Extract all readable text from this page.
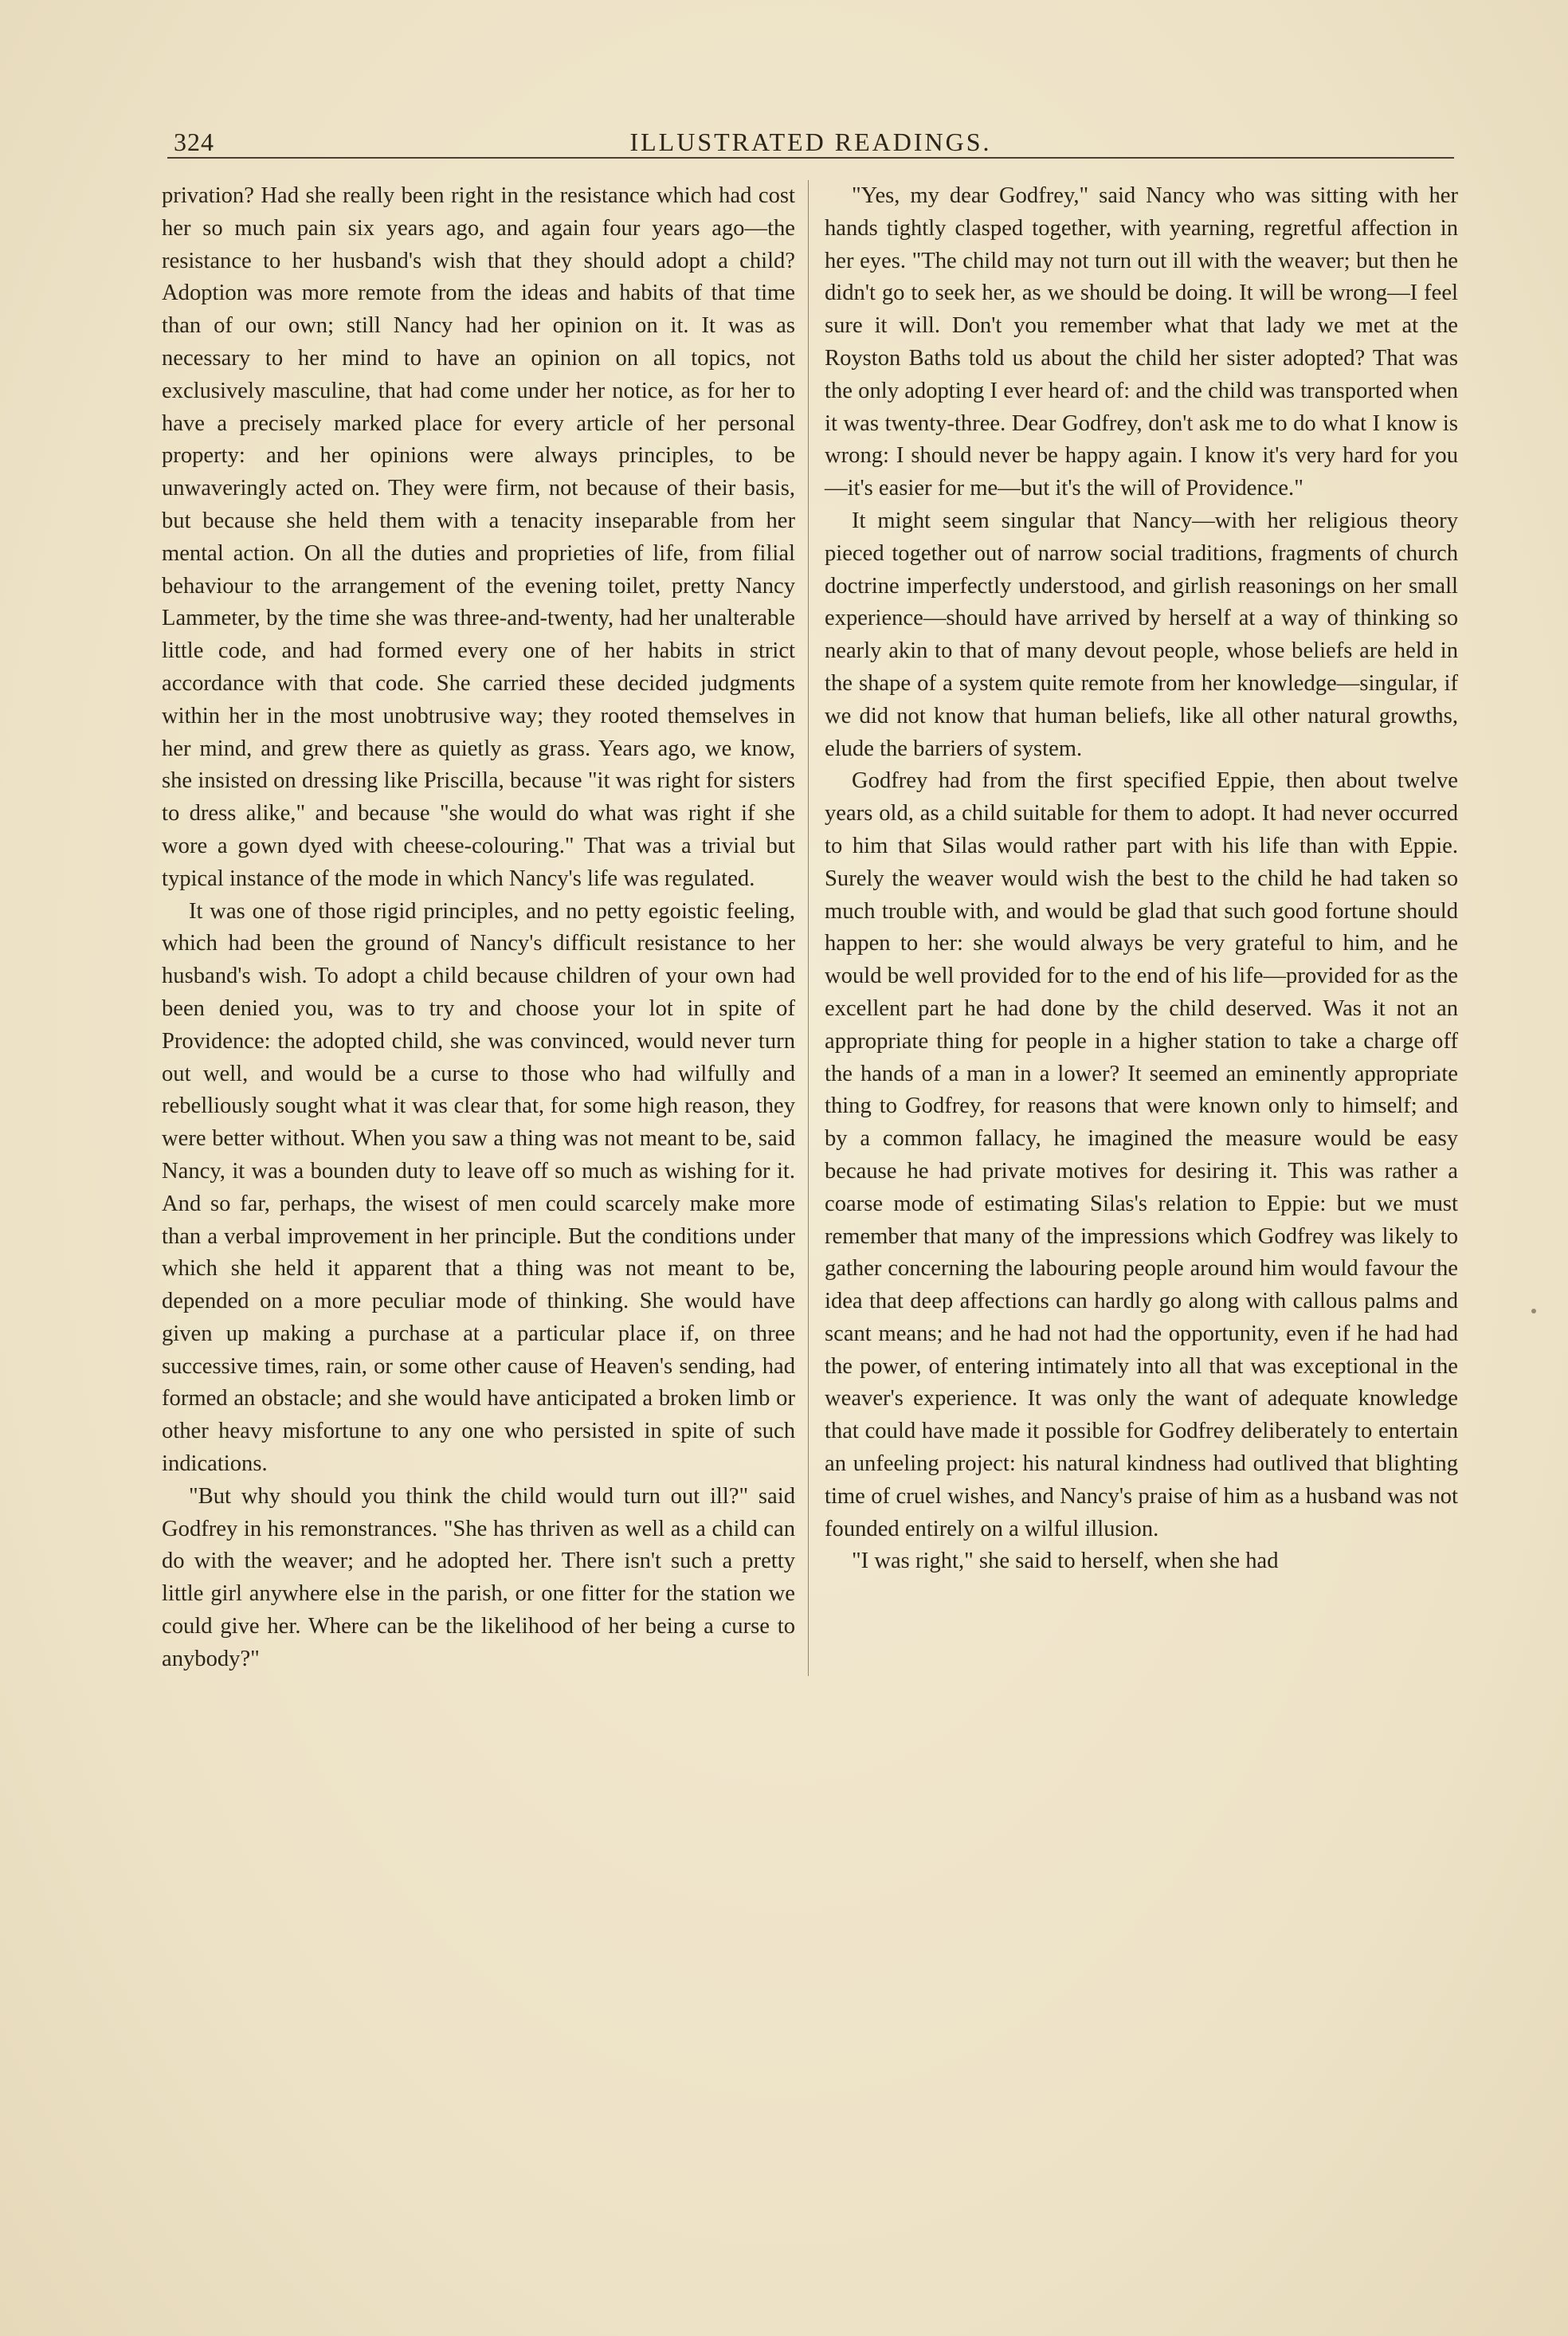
324	ILLUSTRATED READINGS.

privation? Had she really been right in the resistance which had cost her so much pain six years ago, and again four years ago—the resistance to her husband's wish that they should adopt a child? Adoption was more remote from the ideas and habits of that time than of our own; still Nancy had her opinion on it. It was as necessary to her mind to have an opinion on all topics, not exclusively masculine, that had come under her notice, as for her to have a precisely marked place for every article of her personal property: and her opinions were always principles, to be unwaveringly acted on. They were firm, not because of their basis, but because she held them with a tenacity inseparable from her mental action. On all the duties and proprieties of life, from filial behaviour to the arrangement of the evening toilet, pretty Nancy Lammeter, by the time she was three-and-twenty, had her unalterable little code, and had formed every one of her habits in strict accordance with that code. She carried these decided judgments within her in the most unobtrusive way; they rooted themselves in her mind, and grew there as quietly as grass. Years ago, we know, she insisted on dressing like Priscilla, because "it was right for sisters to dress alike," and because "she would do what was right if she wore a gown dyed with cheese-colouring." That was a trivial but typical instance of the mode in which Nancy's life was regulated.

It was one of those rigid principles, and no petty egoistic feeling, which had been the ground of Nancy's difficult resistance to her husband's wish. To adopt a child because children of your own had been denied you, was to try and choose your lot in spite of Providence: the adopted child, she was convinced, would never turn out well, and would be a curse to those who had wilfully and rebelliously sought what it was clear that, for some high reason, they were better without. When you saw a thing was not meant to be, said Nancy, it was a bounden duty to leave off so much as wishing for it. And so far, perhaps, the wisest of men could scarcely make more than a verbal improvement in her principle. But the conditions under which she held it apparent that a thing was not meant to be, depended on a more peculiar mode of thinking. She would have given up making a purchase at a particular place if, on three successive times, rain, or some other cause of Heaven's sending, had formed an obstacle; and she would have anticipated a broken limb or other heavy misfortune to any one who persisted in spite of such indications.

"But why should you think the child would turn out ill?" said Godfrey in his remonstrances. "She has thriven as well as a child can do with the weaver; and he adopted her. There isn't such a pretty little girl anywhere else in the parish, or one fitter for the station we could give her. Where can be the likelihood of her being a curse to anybody?"

"Yes, my dear Godfrey," said Nancy who was sitting with her hands tightly clasped together, with yearning, regretful affection in her eyes. "The child may not turn out ill with the weaver; but then he didn't go to seek her, as we should be doing. It will be wrong—I feel sure it will. Don't you remember what that lady we met at the Royston Baths told us about the child her sister adopted? That was the only adopting I ever heard of: and the child was transported when it was twenty-three. Dear Godfrey, don't ask me to do what I know is wrong: I should never be happy again. I know it's very hard for you—it's easier for me—but it's the will of Providence."

It might seem singular that Nancy—with her religious theory pieced together out of narrow social traditions, fragments of church doctrine imperfectly understood, and girlish reasonings on her small experience—should have arrived by herself at a way of thinking so nearly akin to that of many devout people, whose beliefs are held in the shape of a system quite remote from her knowledge—singular, if we did not know that human beliefs, like all other natural growths, elude the barriers of system.

Godfrey had from the first specified Eppie, then about twelve years old, as a child suitable for them to adopt. It had never occurred to him that Silas would rather part with his life than with Eppie. Surely the weaver would wish the best to the child he had taken so much trouble with, and would be glad that such good fortune should happen to her: she would always be very grateful to him, and he would be well provided for to the end of his life—provided for as the excellent part he had done by the child deserved. Was it not an appropriate thing for people in a higher station to take a charge off the hands of a man in a lower? It seemed an eminently appropriate thing to Godfrey, for reasons that were known only to himself; and by a common fallacy, he imagined the measure would be easy because he had private motives for desiring it. This was rather a coarse mode of estimating Silas's relation to Eppie: but we must remember that many of the impressions which Godfrey was likely to gather concerning the labouring people around him would favour the idea that deep affections can hardly go along with callous palms and scant means; and he had not had the opportunity, even if he had had the power, of entering intimately into all that was exceptional in the weaver's experience. It was only the want of adequate knowledge that could have made it possible for Godfrey deliberately to entertain an unfeeling project: his natural kindness had outlived that blighting time of cruel wishes, and Nancy's praise of him as a husband was not founded entirely on a wilful illusion.

"I was right," she said to herself, when she had
